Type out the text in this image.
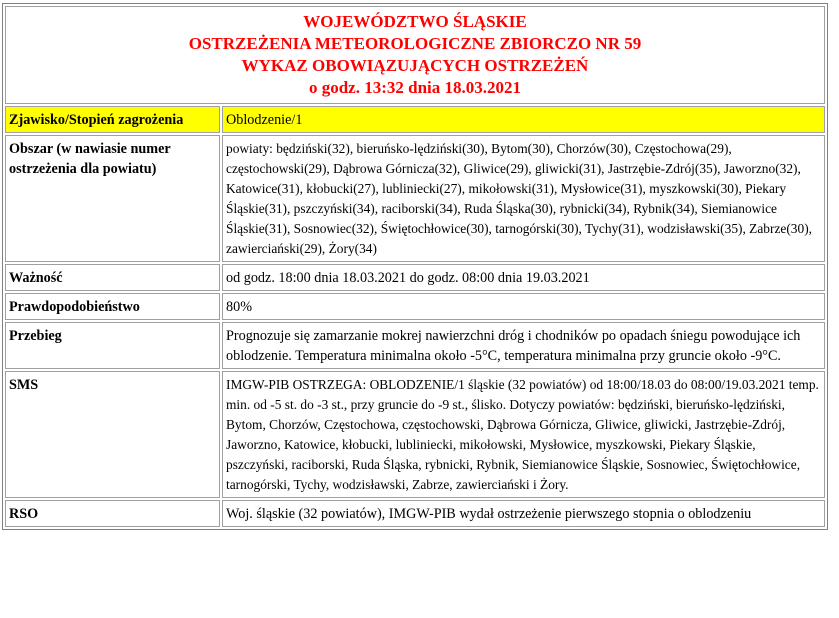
WOJEWÓDZTWO ŚLĄSKIE
OSTRZEŻENIA METEOROLOGICZNE ZBIORCZO NR 59
WYKAZ OBOWIĄZUJĄCYCH OSTRZEŻEŃ
o godz. 13:32 dnia 18.03.2021	

Zjawisko/Stopień zagrożenia	Oblodzenie/1
Obszar (w nawiasie numer ostrzeżenia dla powiatu)	powiaty: będziński(32), bieruńsko-lędziński(30), Bytom(30), Chorzów(30), Częstochowa(29), częstochowski(29), Dąbrowa Górnicza(32), Gliwice(29), gliwicki(31), Jastrzębie-Zdrój(35), Jaworzno(32), Katowice(31), kłobucki(27), lubliniecki(27), mikołowski(31), Mysłowice(31), myszkowski(30), Piekary Śląskie(31), pszczyński(34), raciborski(34), Ruda Śląska(30), rybnicki(34), Rybnik(34), Siemianowice Śląskie(31), Sosnowiec(32), Świętochłowice(30), tarnogórski(30), Tychy(31), wodzisławski(35), Zabrze(30), zawierciański(29), Żory(34)
Ważność	od godz. 18:00 dnia 18.03.2021 do godz. 08:00 dnia 19.03.2021
Prawdopodobieństwo	80%
Przebieg	Prognozuje się zamarzanie mokrej nawierzchni dróg i chodników po opadach śniegu powodujące ich oblodzenie. Temperatura minimalna około -5°C, temperatura minimalna przy gruncie około -9°C.
SMS	IMGW-PIB OSTRZEGA: OBLODZENIE/1 śląskie (32 powiatów) od 18:00/18.03 do 08:00/19.03.2021 temp. min. od -5 st. do -3 st., przy gruncie do -9 st., ślisko. Dotyczy powiatów: będziński, bieruńsko-lędziński, Bytom, Chorzów, Częstochowa, częstochowski, Dąbrowa Górnicza, Gliwice, gliwicki, Jastrzębie-Zdrój, Jaworzno, Katowice, kłobucki, lubliniecki, mikołowski, Mysłowice, myszkowski, Piekary Śląskie, pszczyński, raciborski, Ruda Śląska, rybnicki, Rybnik, Siemianowice Śląskie, Sosnowiec, Świętochłowice, tarnogórski, Tychy, wodzisławski, Zabrze, zawierciański i Żory.
RSO	Woj. śląskie (32 powiatów), IMGW-PIB wydał ostrzeżenie pierwszego stopnia o oblodzeniu
